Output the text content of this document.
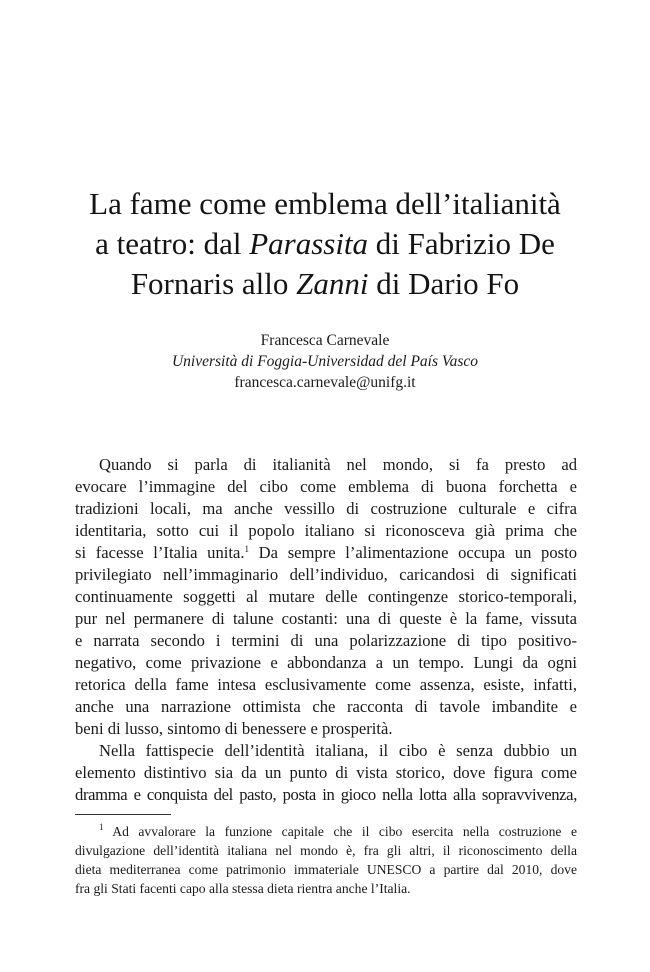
La fame come emblema dell’italianità
a teatro: dal Parassita di Fabrizio De
Fornaris allo Zanni di Dario Fo
Francesca Carnevale
Università di Foggia-Universidad del País Vasco
francesca.carnevale@unifg.it
Quando si parla di italianità nel mondo, si fa presto ad
evocare l’immagine del cibo come emblema di buona forchetta e
tradizioni locali, ma anche vessillo di costruzione culturale e cifra
identitaria, sotto cui il popolo italiano si riconosceva già prima che
si facesse l’Italia unita.$^1$ Da sempre l’alimentazione occupa un posto
privilegiato nell’immaginario dell’individuo, caricandosi di significati
continuamente soggetti al mutare delle contingenze storico-temporali,
pur nel permanere di talune costanti: una di queste è la fame, vissuta
e narrata secondo i termini di una polarizzazione di tipo positivo-
negativo, come privazione e abbondanza a un tempo. Lungi da ogni
retorica della fame intesa esclusivamente come assenza, esiste, infatti,
anche una narrazione ottimista che racconta di tavole imbandite e
beni di lusso, sintomo di benessere e prosperità.
Nella fattispecie dell’identità italiana, il cibo è senza dubbio un
elemento distintivo sia da un punto di vista storico, dove figura come
dramma e conquista del pasto, posta in gioco nella lotta alla sopravvivenza,
$^1$ Ad avvalorare la funzione capitale che il cibo esercita nella costruzione e
divulgazione dell’identità italiana nel mondo è, fra gli altri, il riconoscimento della
dieta mediterranea come patrimonio immateriale UNESCO a partire dal 2010, dove
fra gli Stati facenti capo alla stessa dieta rientra anche l’Italia.
